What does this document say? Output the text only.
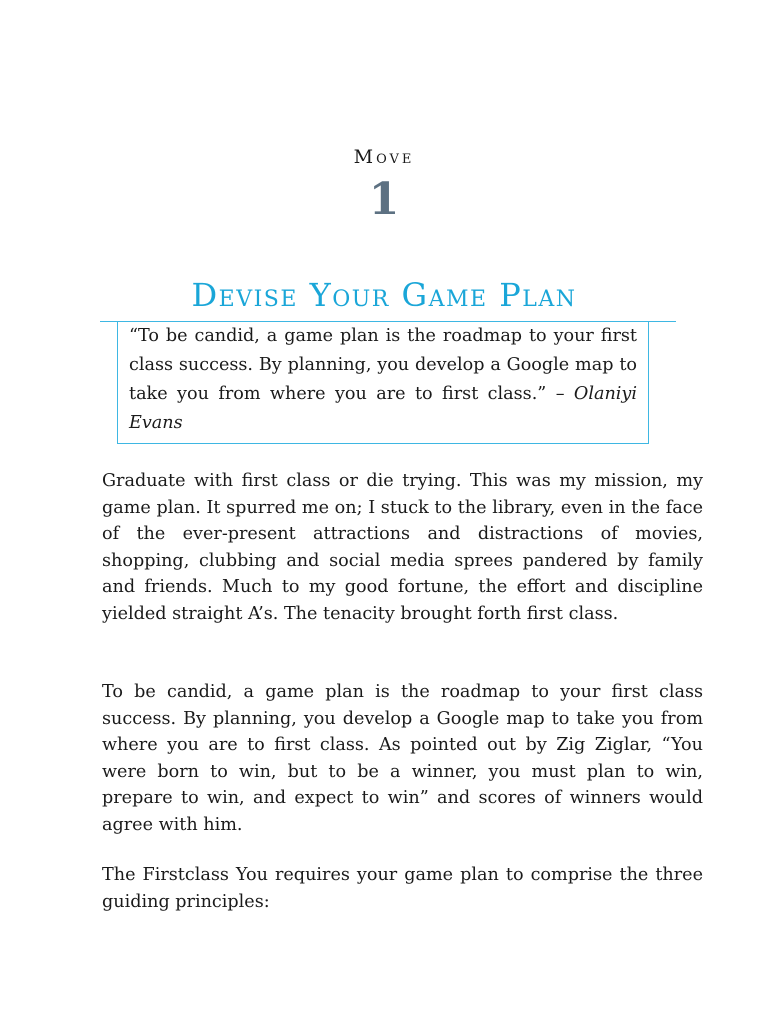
Move
1
Devise Your Game Plan

“To be candid, a game plan is the roadmap to your first class success. By planning, you develop a Google map to take you from where you are to first class.” – Olaniyi Evans

Graduate with first class or die trying. This was my mission, my game plan. It spurred me on; I stuck to the library, even in the face of the ever-present attractions and distractions of movies, shopping, clubbing and social media sprees pandered by family and friends. Much to my good fortune, the effort and discipline yielded straight A’s. The tenacity brought forth first class.

To be candid, a game plan is the roadmap to your first class success. By planning, you develop a Google map to take you from where you are to first class. As pointed out by Zig Ziglar, “You were born to win, but to be a winner, you must plan to win, prepare to win, and expect to win” and scores of winners would agree with him.

The Firstclass You requires your game plan to comprise the three guiding principles:
